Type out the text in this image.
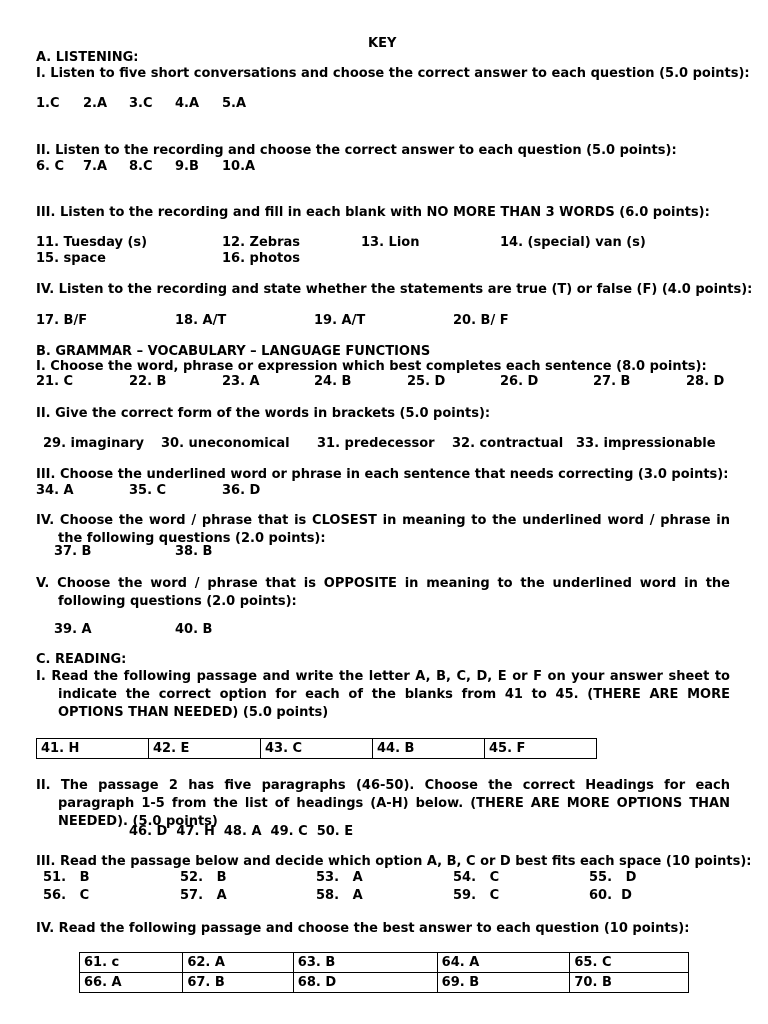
KEY
A. LISTENING:
I. Listen to five short conversations and choose the correct answer to each question (5.0 points):
1.C 2.A 3.C 4.A 5.A
II. Listen to the recording and choose the correct answer to each question (5.0 points):
6. C 7.A 8.C 9.B 10.A
III. Listen to the recording and fill in each blank with NO MORE THAN 3 WORDS (6.0 points):
11. Tuesday (s)	12. Zebras	13. Lion	14. (special) van (s)
15. space	16. photos
IV. Listen to the recording and state whether the statements are true (T) or false (F) (4.0 points):
17. B/F	18. A/T	19. A/T	20. B/ F
B. GRAMMAR – VOCABULARY – LANGUAGE FUNCTIONS
I. Choose the word, phrase or expression which best completes each sentence (8.0 points):
21. C	22. B	23. A	24. B	25. D	26. D	27. B	28. D
II. Give the correct form of the words in brackets (5.0 points):
29. imaginary 30. uneconomical 31. predecessor 32. contractual 33. impressionable
III. Choose the underlined word or phrase in each sentence that needs correcting (3.0 points):
34. A	35. C	36. D
IV. Choose the word / phrase that is CLOSEST in meaning to the underlined word / phrase in the following questions (2.0 points):
37. B	38. B
V. Choose the word / phrase that is OPPOSITE in meaning to the underlined word in the following questions (2.0 points):
39. A	40. B
C. READING:
I. Read the following passage and write the letter A, B, C, D, E or F on your answer sheet to indicate the correct option for each of the blanks from 41 to 45. (THERE ARE MORE OPTIONS THAN NEEDED) (5.0 points)
41. H	42. E	43. C	44. B	45. F
II. The passage 2 has five paragraphs (46-50). Choose the correct Headings for each paragraph 1-5 from the list of headings (A-H) below. (THERE ARE MORE OPTIONS THAN NEEDED). (5.0 points)
46. D  47. H  48. A  49. C  50. E
III. Read the passage below and decide which option A, B, C or D best fits each space (10 points):
51.   B	52.   B	53.   A	54.   C	55.   D
56.   C	57.   A	58.   A	59.   C	60.  D
IV. Read the following passage and choose the best answer to each question (10 points):
61. c	62. A	63. B	64. A	65. C
66. A	67. B	68. D	69. B	70. B
